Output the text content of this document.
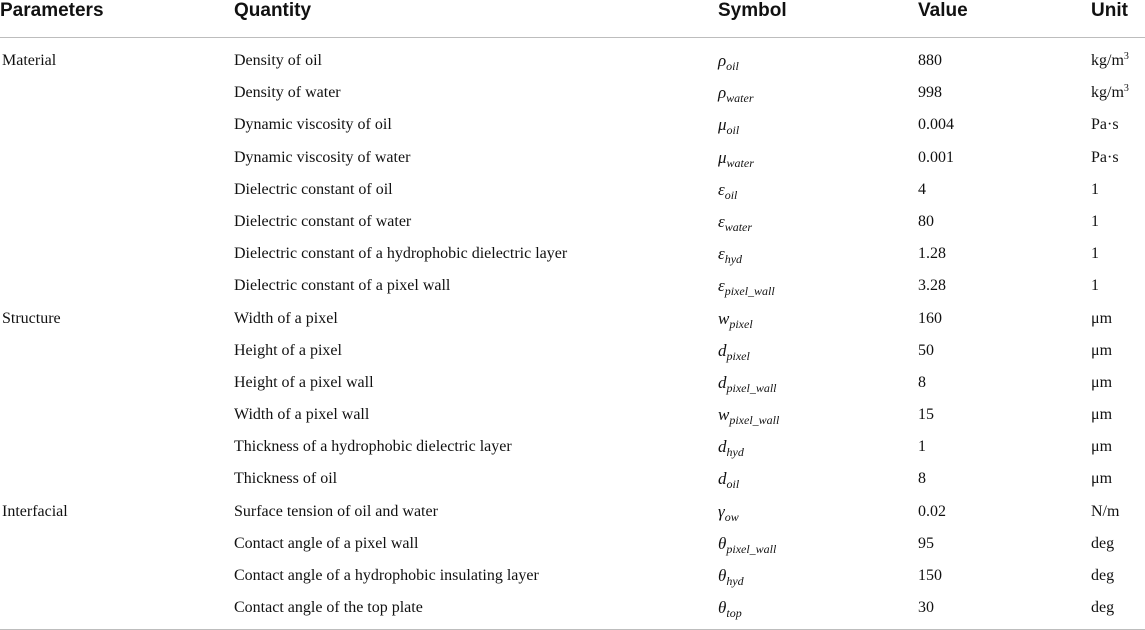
Parameters	Quantity	Symbol	Value	Unit

Material	Density of oil	$\rho_{oil}$	880	$kg/m^3$
	Density of water	$\rho_{water}$	998	$kg/m^3$
	Dynamic viscosity of oil	$\mu_{oil}$	0.004	Pa·s
	Dynamic viscosity of water	$\mu_{water}$	0.001	Pa·s
	Dielectric constant of oil	$\varepsilon_{oil}$	4	1
	Dielectric constant of water	$\varepsilon_{water}$	80	1
	Dielectric constant of a hydrophobic dielectric layer	$\varepsilon_{hyd}$	1.28	1
	Dielectric constant of a pixel wall	$\varepsilon_{pixel\_wall}$	3.28	1
Structure	Width of a pixel	$w_{pixel}$	160	μm
	Height of a pixel	$d_{pixel}$	50	μm
	Height of a pixel wall	$d_{pixel\_wall}$	8	μm
	Width of a pixel wall	$w_{pixel\_wall}$	15	μm
	Thickness of a hydrophobic dielectric layer	$d_{hyd}$	1	μm
	Thickness of oil	$d_{oil}$	8	μm
Interfacial	Surface tension of oil and water	$\gamma_{ow}$	0.02	N/m
	Contact angle of a pixel wall	$\theta_{pixel\_wall}$	95	deg
	Contact angle of a hydrophobic insulating layer	$\theta_{hyd}$	150	deg
	Contact angle of the top plate	$\theta_{top}$	30	deg
